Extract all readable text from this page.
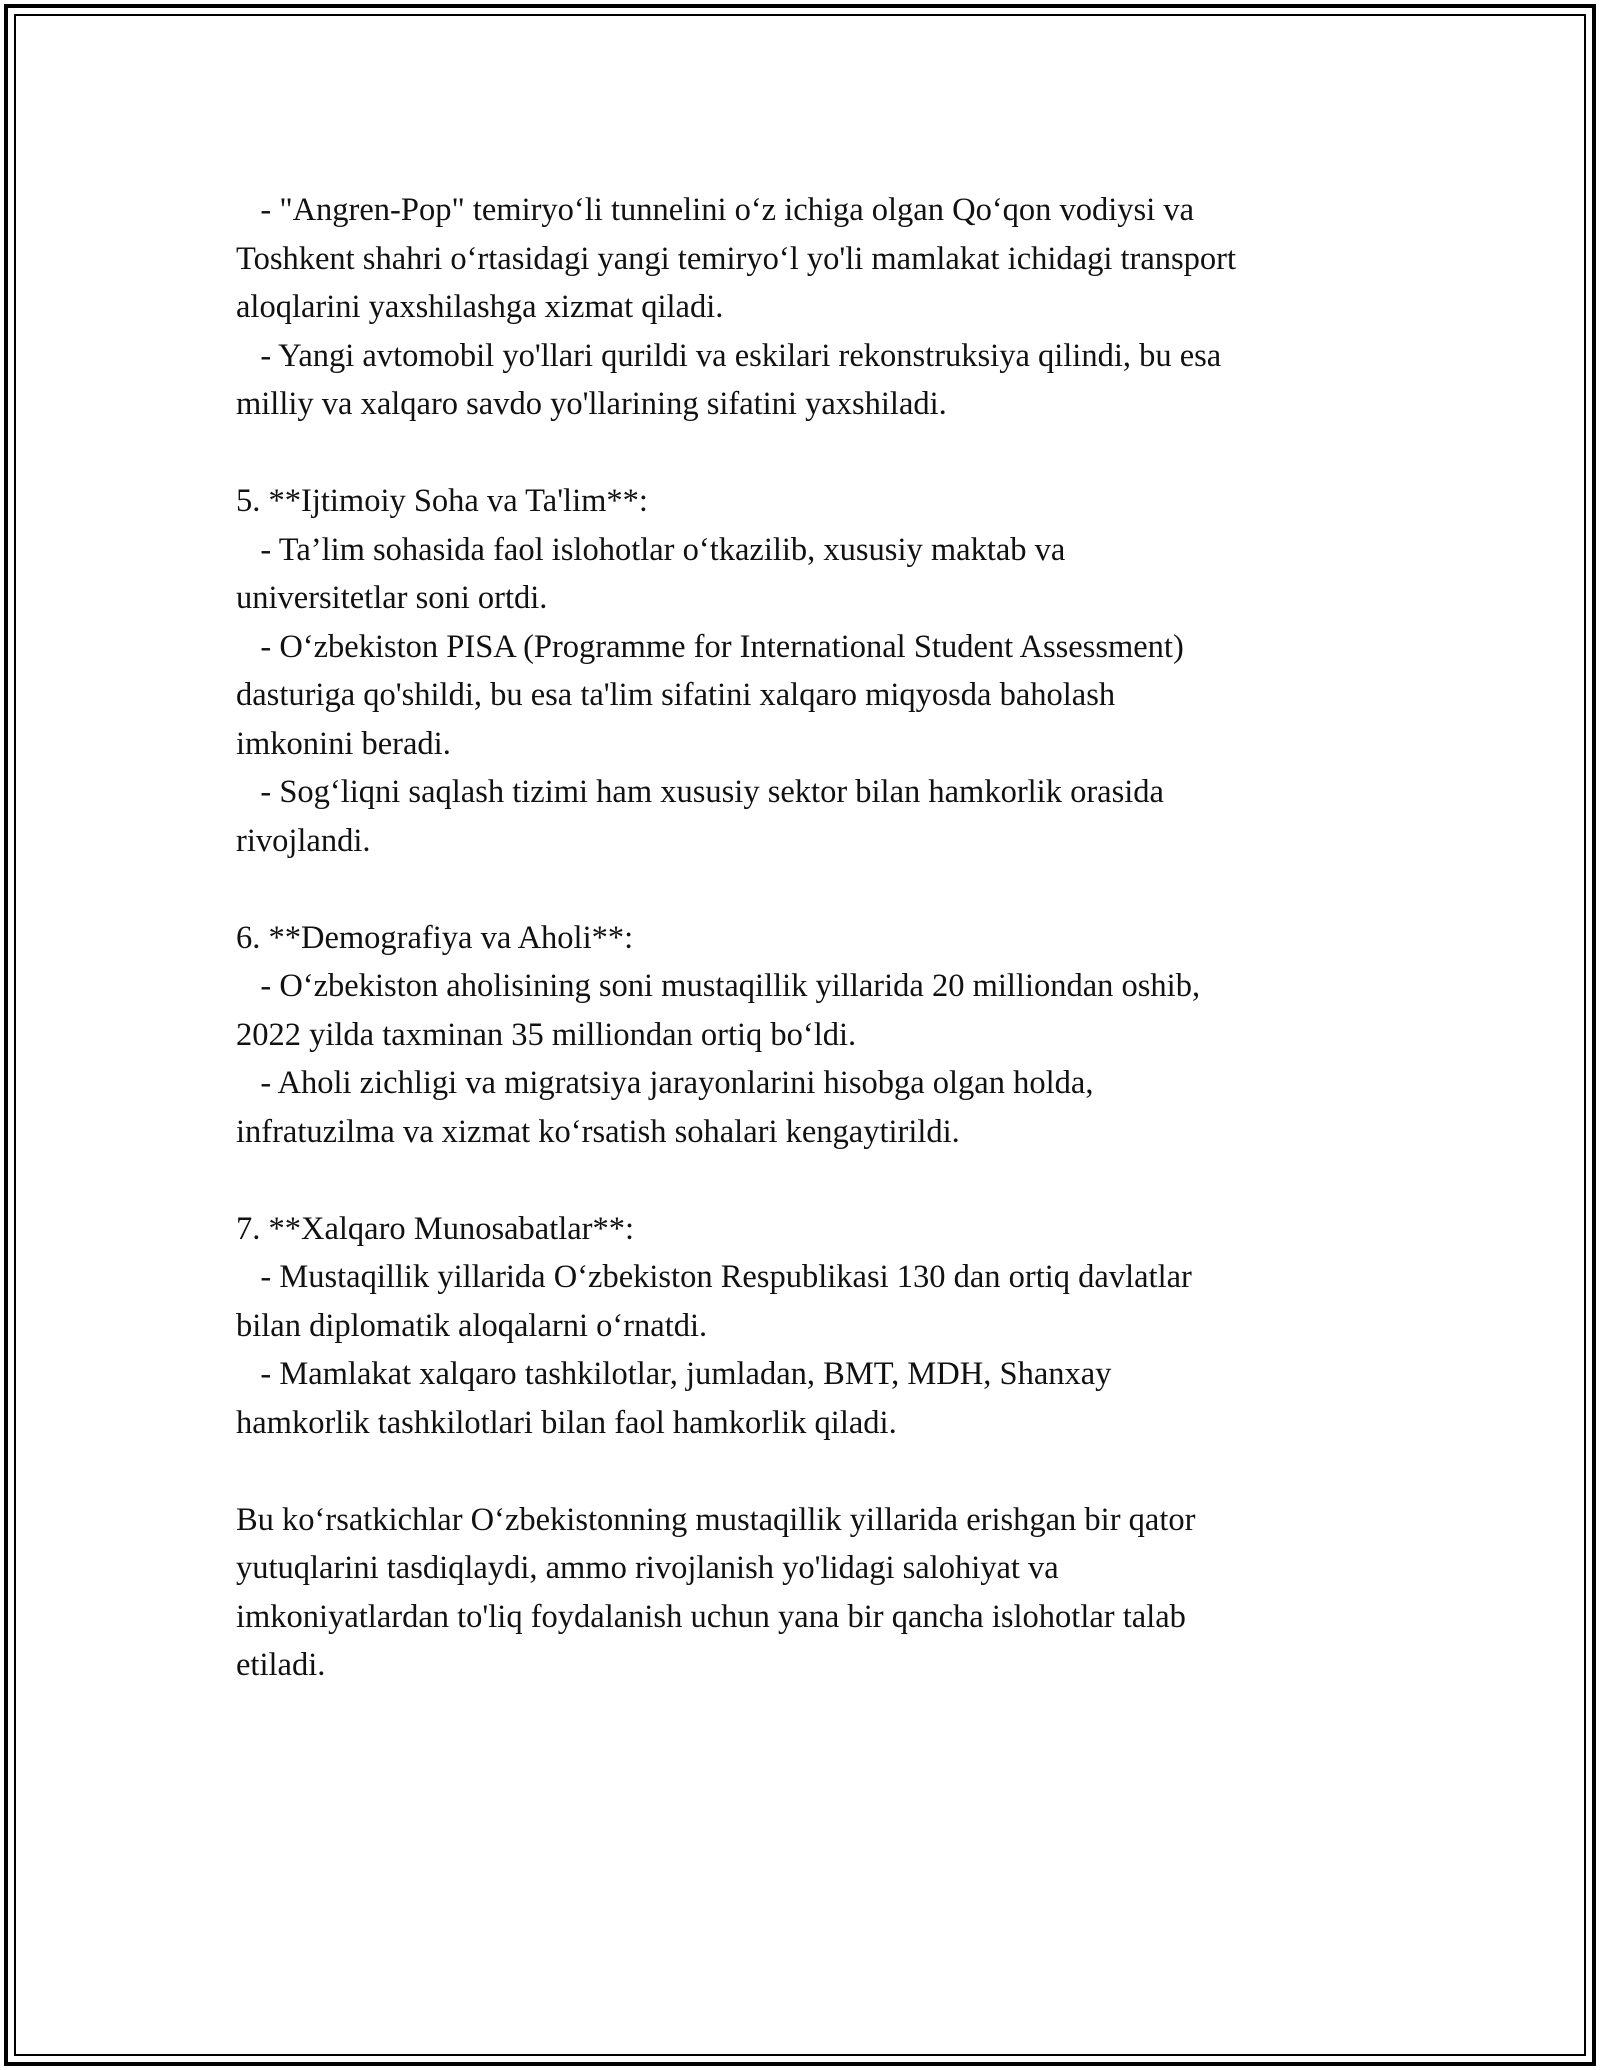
- "Angren-Pop" temiryo‘li tunnelini o‘z ichiga olgan Qo‘qon vodiysi va
Toshkent shahri o‘rtasidagi yangi temiryo‘l yo'li mamlakat ichidagi transport
aloqlarini yaxshilashga xizmat qiladi.
- Yangi avtomobil yo'llari qurildi va eskilari rekonstruksiya qilindi, bu esa
milliy va xalqaro savdo yo'llarining sifatini yaxshiladi.
5. **Ijtimoiy Soha va Ta'lim**:
- Ta’lim sohasida faol islohotlar o‘tkazilib, xususiy maktab va
universitetlar soni ortdi.
- O‘zbekiston PISA (Programme for International Student Assessment)
dasturiga qo'shildi, bu esa ta'lim sifatini xalqaro miqyosda baholash
imkonini beradi.
- Sog‘liqni saqlash tizimi ham xususiy sektor bilan hamkorlik orasida
rivojlandi.
6. **Demografiya va Aholi**:
- O‘zbekiston aholisining soni mustaqillik yillarida 20 milliondan oshib,
2022 yilda taxminan 35 milliondan ortiq bo‘ldi.
- Aholi zichligi va migratsiya jarayonlarini hisobga olgan holda,
infratuzilma va xizmat ko‘rsatish sohalari kengaytirildi.
7. **Xalqaro Munosabatlar**:
- Mustaqillik yillarida O‘zbekiston Respublikasi 130 dan ortiq davlatlar
bilan diplomatik aloqalarni o‘rnatdi.
- Mamlakat xalqaro tashkilotlar, jumladan, BMT, MDH, Shanxay
hamkorlik tashkilotlari bilan faol hamkorlik qiladi.
Bu ko‘rsatkichlar O‘zbekistonning mustaqillik yillarida erishgan bir qator
yutuqlarini tasdiqlaydi, ammo rivojlanish yo'lidagi salohiyat va
imkoniyatlardan to'liq foydalanish uchun yana bir qancha islohotlar talab
etiladi.
